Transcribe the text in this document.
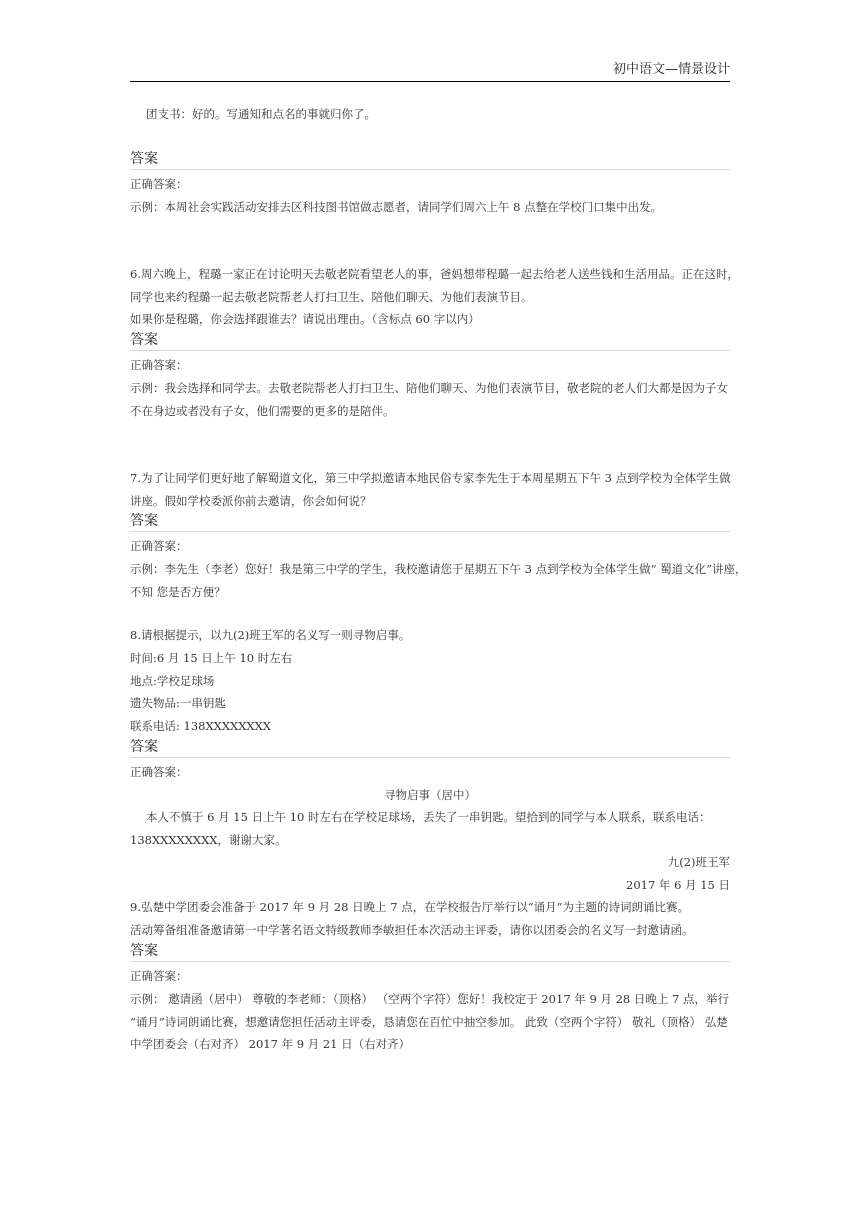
初中语文—情景设计
团支书：好的。写通知和点名的事就归你了。
答案
正确答案：
示例：本周社会实践活动安排去区科技图书馆做志愿者，请同学们周六上午 8 点整在学校门口集中出发。
6.周六晚上，程璐一家正在讨论明天去敬老院看望老人的事，爸妈想带程璐一起去给老人送些钱和生活用品。正在这时，
同学也来约程璐一起去敬老院帮老人打扫卫生、陪他们聊天、为他们表演节目。
如果你是程璐，你会选择跟谁去？请说出理由。（含标点 60 字以内）
答案
正确答案：
示例：我会选择和同学去。去敬老院帮老人打扫卫生、陪他们聊天、为他们表演节目，敬老院的老人们大都是因为子女
不在身边或者没有子女，他们需要的更多的是陪伴。
7.为了让同学们更好地了解蜀道文化，第三中学拟邀请本地民俗专家李先生于本周星期五下午 3 点到学校为全体学生做
讲座。假如学校委派你前去邀请，你会如何说？
答案
正确答案：
示例：李先生（李老）您好！我是第三中学的学生，我校邀请您于星期五下午 3 点到学校为全体学生做“ 蜀道文化”讲座，
不知 您是否方便？
8.请根据提示，以九(2)班王军的名义写一则寻物启事。
时间:6 月 15 日上午 10 时左右
地点:学校足球场
遗失物品:一串钥匙
联系电话: 138XXXXXXXX
答案
正确答案：
寻物启事（居中）
本人不慎于 6 月 15 日上午 10 时左右在学校足球场，丢失了一串钥匙。望拾到的同学与本人联系，联系电话：
138XXXXXXXX，谢谢大家。
九(2)班王军
2017 年 6 月 15 日
9.弘楚中学团委会准备于 2017 年 9 月 28 日晚上 7 点，在学校报告厅举行以“诵月”为主题的诗词朗诵比赛。
活动筹备组准备邀请第一中学著名语文特级教师李敏担任本次活动主评委，请你以团委会的名义写一封邀请函。
答案
正确答案：
示例： 邀请函（居中） 尊敬的李老师：（顶格） （空两个字符）您好！我校定于 2017 年 9 月 28 日晚上 7 点，举行
“诵月”诗词朗诵比赛，想邀请您担任活动主评委，恳请您在百忙中抽空参加。 此致（空两个字符） 敬礼（顶格） 弘楚
中学团委会（右对齐） 2017 年 9 月 21 日（右对齐）
